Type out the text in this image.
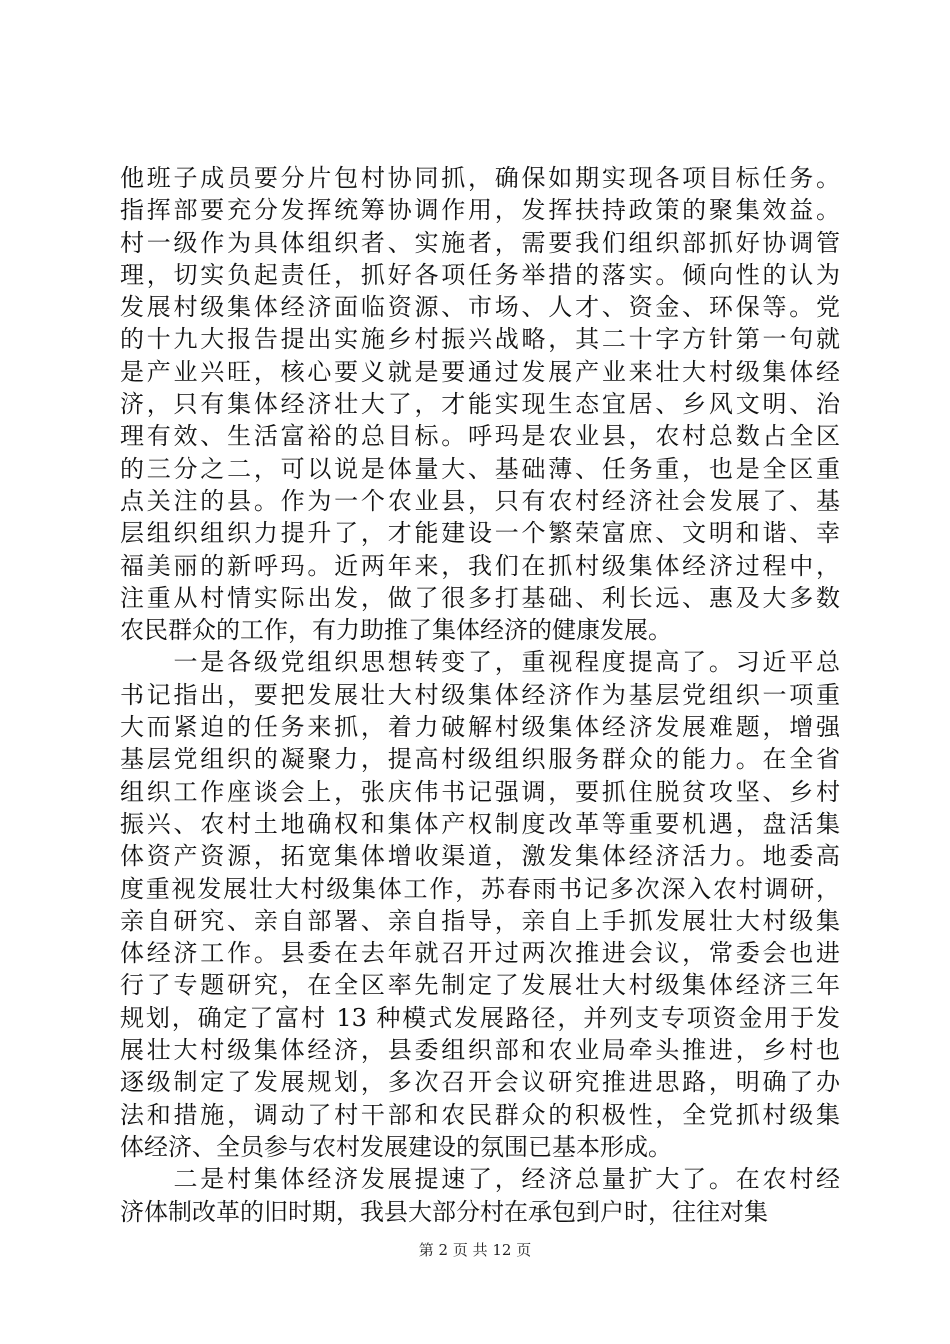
他班子成员要分片包村协同抓，确保如期实现各项目标任务。
指挥部要充分发挥统筹协调作用，发挥扶持政策的聚集效益。
村一级作为具体组织者、实施者，需要我们组织部抓好协调管
理，切实负起责任，抓好各项任务举措的落实。倾向性的认为
发展村级集体经济面临资源、市场、人才、资金、环保等。党
的十九大报告提出实施乡村振兴战略，其二十字方针第一句就
是产业兴旺，核心要义就是要通过发展产业来壮大村级集体经
济，只有集体经济壮大了，才能实现生态宜居、乡风文明、治
理有效、生活富裕的总目标。呼玛是农业县，农村总数占全区
的三分之二，可以说是体量大、基础薄、任务重，也是全区重
点关注的县。作为一个农业县，只有农村经济社会发展了、基
层组织组织力提升了，才能建设一个繁荣富庶、文明和谐、幸
福美丽的新呼玛。近两年来，我们在抓村级集体经济过程中，
注重从村情实际出发，做了很多打基础、利长远、惠及大多数
农民群众的工作，有力助推了集体经济的健康发展。
　　一是各级党组织思想转变了，重视程度提高了。习近平总
书记指出，要把发展壮大村级集体经济作为基层党组织一项重
大而紧迫的任务来抓，着力破解村级集体经济发展难题，增强
基层党组织的凝聚力，提高村级组织服务群众的能力。在全省
组织工作座谈会上，张庆伟书记强调，要抓住脱贫攻坚、乡村
振兴、农村土地确权和集体产权制度改革等重要机遇，盘活集
体资产资源，拓宽集体增收渠道，激发集体经济活力。地委高
度重视发展壮大村级集体工作，苏春雨书记多次深入农村调研，
亲自研究、亲自部署、亲自指导，亲自上手抓发展壮大村级集
体经济工作。县委在去年就召开过两次推进会议，常委会也进
行了专题研究，在全区率先制定了发展壮大村级集体经济三年
规划，确定了富村 13 种模式发展路径，并列支专项资金用于发
展壮大村级集体经济，县委组织部和农业局牵头推进，乡村也
逐级制定了发展规划，多次召开会议研究推进思路，明确了办
法和措施，调动了村干部和农民群众的积极性，全党抓村级集
体经济、全员参与农村发展建设的氛围已基本形成。
　　二是村集体经济发展提速了，经济总量扩大了。在农村经
济体制改革的旧时期，我县大部分村在承包到户时，往往对集
第 2 页 共 12 页
